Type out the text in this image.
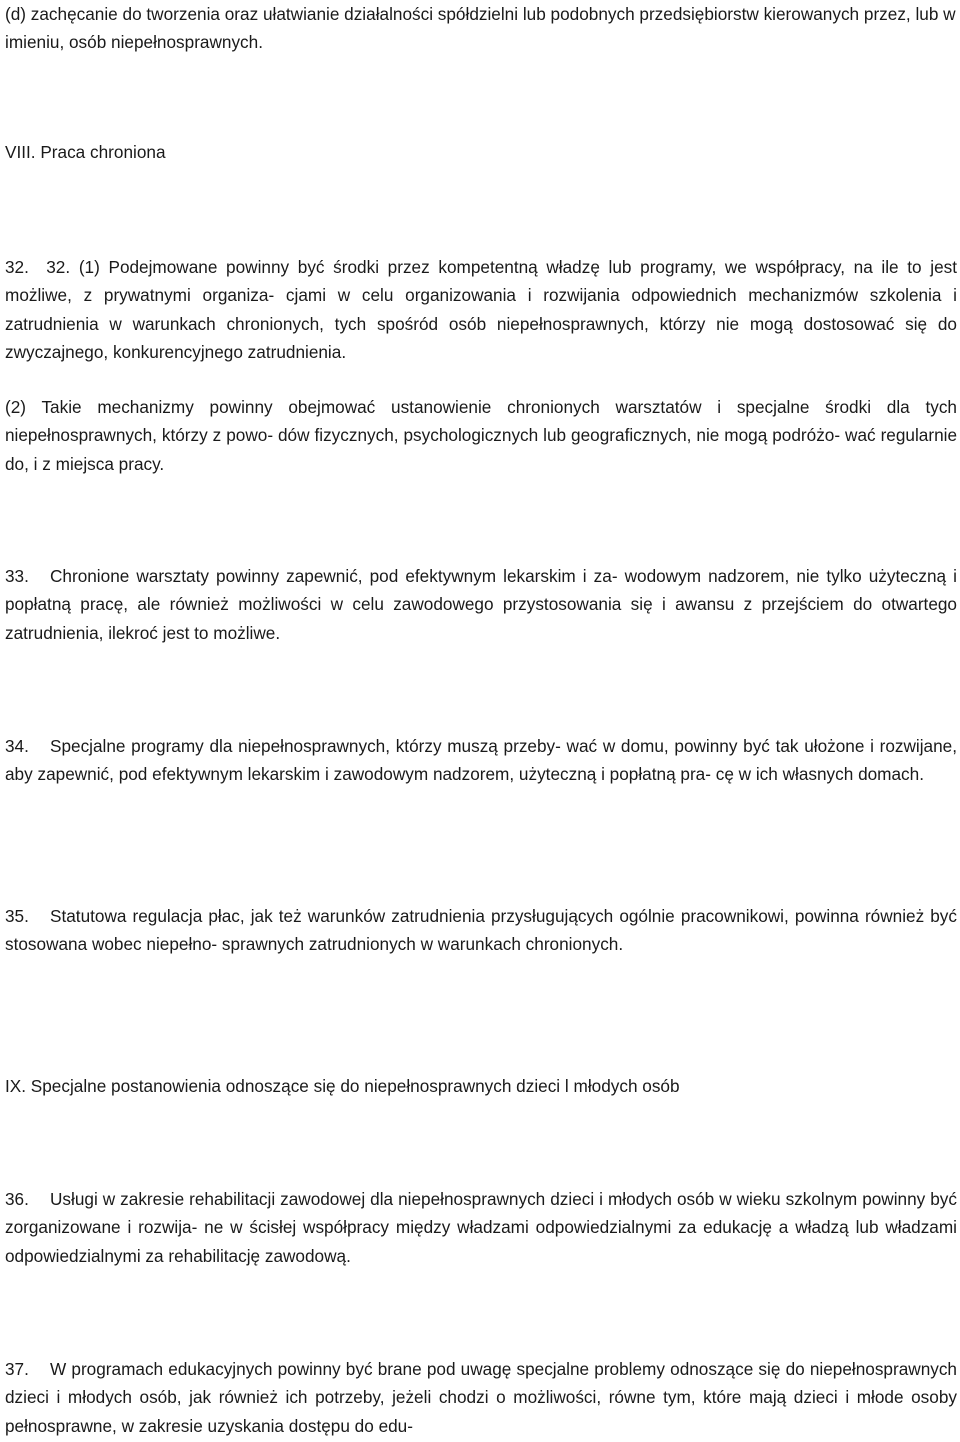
(d) zachęcanie do tworzenia oraz ułatwianie działalności spółdzielni lub podobnych przedsiębiorstw kierowanych przez, lub w imieniu, osób niepełnosprawnych.

VIII. Praca chroniona

32. 32. (1) Podejmowane powinny być środki przez kompetentną władzę lub programy, we współpracy, na ile to jest możliwe, z prywatnymi organiza- cjami w celu organizowania i rozwijania odpowiednich mechanizmów szkolenia i zatrudnienia w warunkach chronionych, tych spośród osób niepełnosprawnych, którzy nie mogą dostosować się do zwyczajnego, konkurencyjnego zatrudnienia.

(2) Takie mechanizmy powinny obejmować ustanowienie chronionych warsztatów i specjalne środki dla tych niepełnosprawnych, którzy z powo- dów fizycznych, psychologicznych lub geograficznych, nie mogą podróżo- wać regularnie do, i z miejsca pracy.

33. Chronione warsztaty powinny zapewnić, pod efektywnym lekarskim i za- wodowym nadzorem, nie tylko użyteczną i popłatną pracę, ale również możliwości w celu zawodowego przystosowania się i awansu z przejściem do otwartego zatrudnienia, ilekroć jest to możliwe.

34. Specjalne programy dla niepełnosprawnych, którzy muszą przeby- wać w domu, powinny być tak ułożone i rozwijane, aby zapewnić, pod efektywnym lekarskim i zawodowym nadzorem, użyteczną i popłatną pra- cę w ich własnych domach.

35. Statutowa regulacja płac, jak też warunków zatrudnienia przysługujących ogólnie pracownikowi, powinna również być stosowana wobec niepełno- sprawnych zatrudnionych w warunkach chronionych.

IX. Specjalne postanowienia odnoszące się do niepełnosprawnych dzieci l młodych osób

36. Usługi w zakresie rehabilitacji zawodowej dla niepełnosprawnych dzieci i młodych osób w wieku szkolnym powinny być zorganizowane i rozwija- ne w ścisłej współpracy między władzami odpowiedzialnymi za edukację a władzą lub władzami odpowiedzialnymi za rehabilitację zawodową.

37. W programach edukacyjnych powinny być brane pod uwagę specjalne problemy odnoszące się do niepełnosprawnych dzieci i młodych osób, jak również ich potrzeby, jeżeli chodzi o możliwości, równe tym, które mają dzieci i młode osoby pełnosprawne, w zakresie uzyskania dostępu do edu-
